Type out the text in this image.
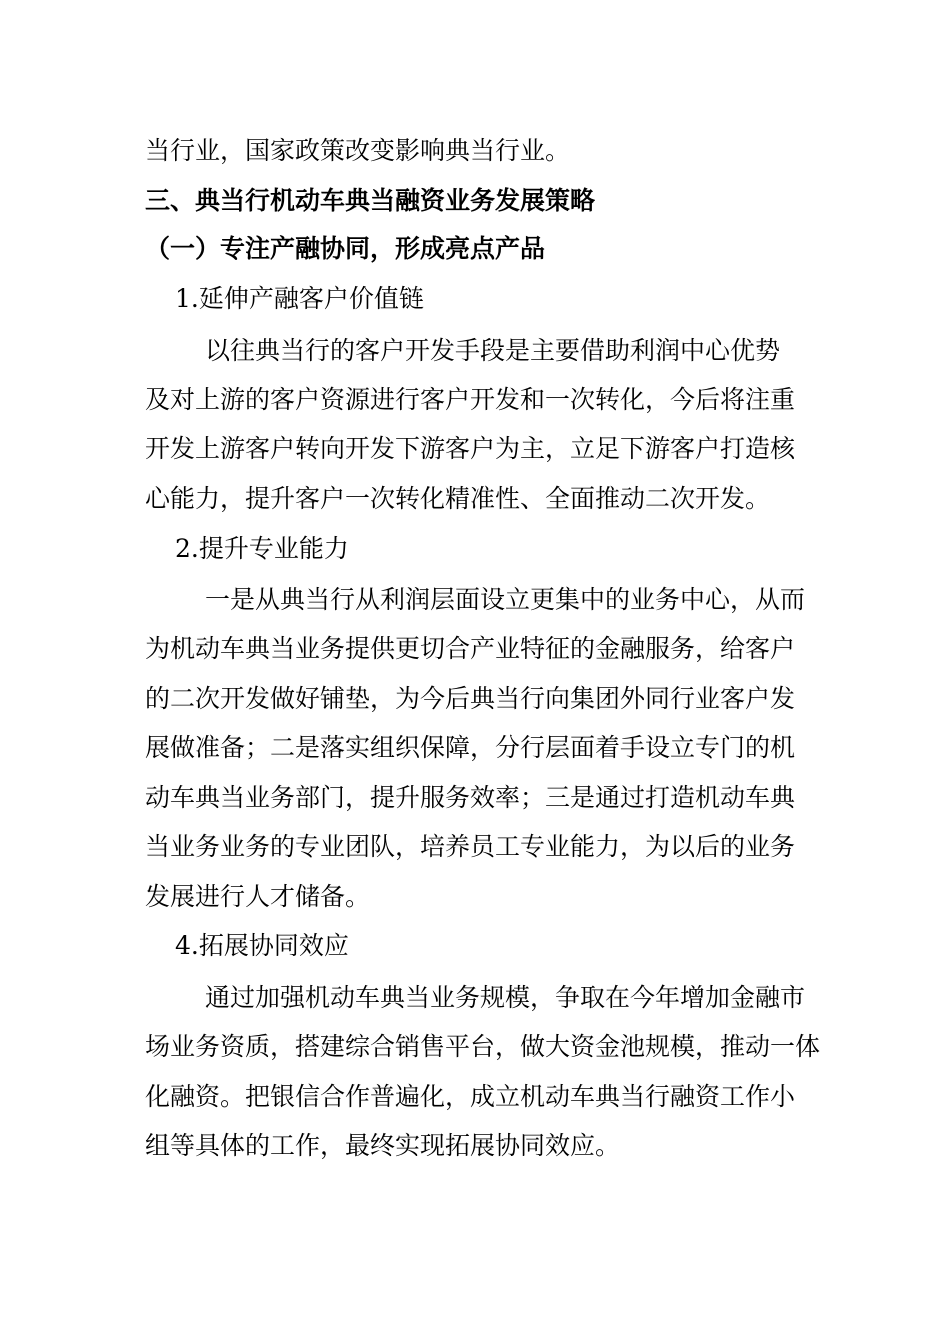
当行业，国家政策改变影响典当行业。
三、典当行机动车典当融资业务发展策略
（一）专注产融协同，形成亮点产品
1.延伸产融客户价值链
以往典当行的客户开发手段是主要借助利润中心优势
及对上游的客户资源进行客户开发和一次转化，今后将注重
开发上游客户转向开发下游客户为主，立足下游客户打造核
心能力，提升客户一次转化精准性、全面推动二次开发。
2.提升专业能力
一是从典当行从利润层面设立更集中的业务中心，从而
为机动车典当业务提供更切合产业特征的金融服务，给客户
的二次开发做好铺垫，为今后典当行向集团外同行业客户发
展做准备；二是落实组织保障，分行层面着手设立专门的机
动车典当业务部门，提升服务效率；三是通过打造机动车典
当业务业务的专业团队，培养员工专业能力，为以后的业务
发展进行人才储备。
4.拓展协同效应
通过加强机动车典当业务规模，争取在今年增加金融市
场业务资质，搭建综合销售平台，做大资金池规模，推动一体
化融资。把银信合作普遍化，成立机动车典当行融资工作小
组等具体的工作，最终实现拓展协同效应。
